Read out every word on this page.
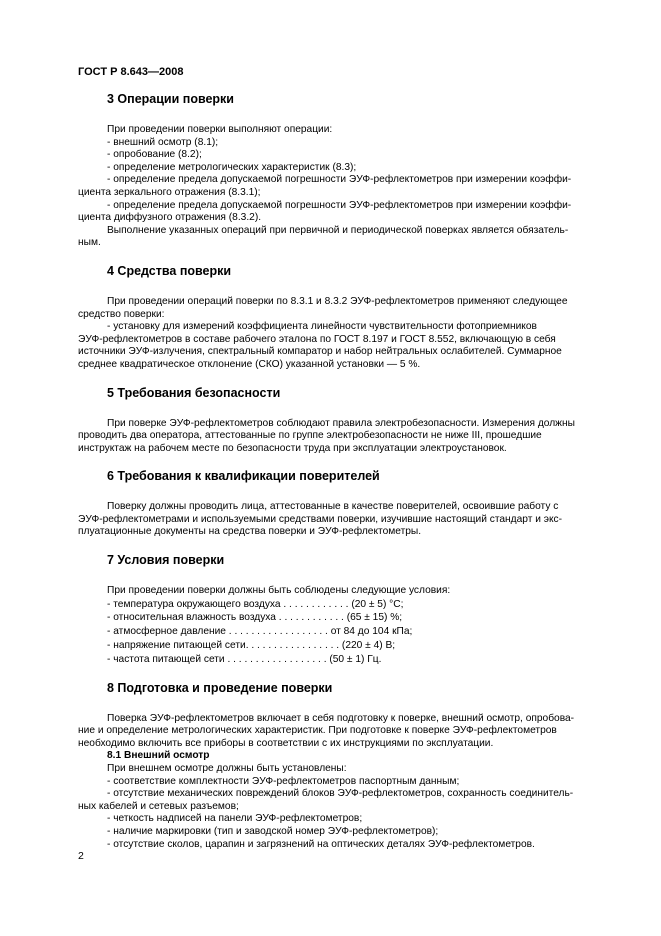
ГОСТ Р 8.643—2008
3 Операции поверки
При проведении поверки выполняют операции:
- внешний осмотр (8.1);
- опробование (8.2);
- определение метрологических характеристик (8.3);
- определение предела допускаемой погрешности ЭУФ-рефлектометров при измерении коэффи-
циента зеркального отражения (8.3.1);
- определение предела допускаемой погрешности ЭУФ-рефлектометров при измерении коэффи-
циента диффузного отражения (8.3.2).
Выполнение указанных операций при первичной и периодической поверках является обязатель-
ным.
4 Средства поверки
При проведении операций поверки по 8.3.1 и 8.3.2 ЭУФ-рефлектометров применяют следующее
средство поверки:
- установку для измерений коэффициента линейности чувствительности фотоприемников
ЭУФ-рефлектометров в составе рабочего эталона по ГОСТ 8.197 и ГОСТ 8.552, включающую в себя
источники ЭУФ-излучения, спектральный компаратор и набор нейтральных ослабителей. Суммарное
среднее квадратическое отклонение (СКО) указанной установки — 5 %.
5 Требования безопасности
При поверке ЭУФ-рефлектометров соблюдают правила электробезопасности. Измерения должны
проводить два оператора, аттестованные по группе электробезопасности не ниже III, прошедшие
инструктаж на рабочем месте по безопасности труда при эксплуатации электроустановок.
6 Требования к квалификации поверителей
Поверку должны проводить лица, аттестованные в качестве поверителей, освоившие работу с
ЭУФ-рефлектометрами и используемыми средствами поверки, изучившие настоящий стандарт и экс-
плуатационные документы на средства поверки и ЭУФ-рефлектометры.
7 Условия поверки
При проведении поверки должны быть соблюдены следующие условия:
- температура окружающего воздуха . . . . . . . . . . . . (20 ± 5) °С;
- относительная влажность воздуха . . . . . . . . . . . . (65 ± 15) %;
- атмосферное давление . . . . . . . . . . . . . . . . . . от 84 до 104 кПа;
- напряжение питающей сети. . . . . . . . . . . . . . . . . (220 ± 4) В;
- частота питающей сети . . . . . . . . . . . . . . . . . . (50 ± 1) Гц.
8 Подготовка и проведение поверки
Поверка ЭУФ-рефлектометров включает в себя подготовку к поверке, внешний осмотр, опробова-
ние и определение метрологических характеристик. При подготовке к поверке ЭУФ-рефлектометров
необходимо включить все приборы в соответствии с их инструкциями по эксплуатации.
8.1 Внешний осмотр
При внешнем осмотре должны быть установлены:
- соответствие комплектности ЭУФ-рефлектометров паспортным данным;
- отсутствие механических повреждений блоков ЭУФ-рефлектометров, сохранность соединитель-
ных кабелей и сетевых разъемов;
- четкость надписей на панели ЭУФ-рефлектометров;
- наличие маркировки (тип и заводской номер ЭУФ-рефлектометров);
- отсутствие сколов, царапин и загрязнений на оптических деталях ЭУФ-рефлектометров.
2
